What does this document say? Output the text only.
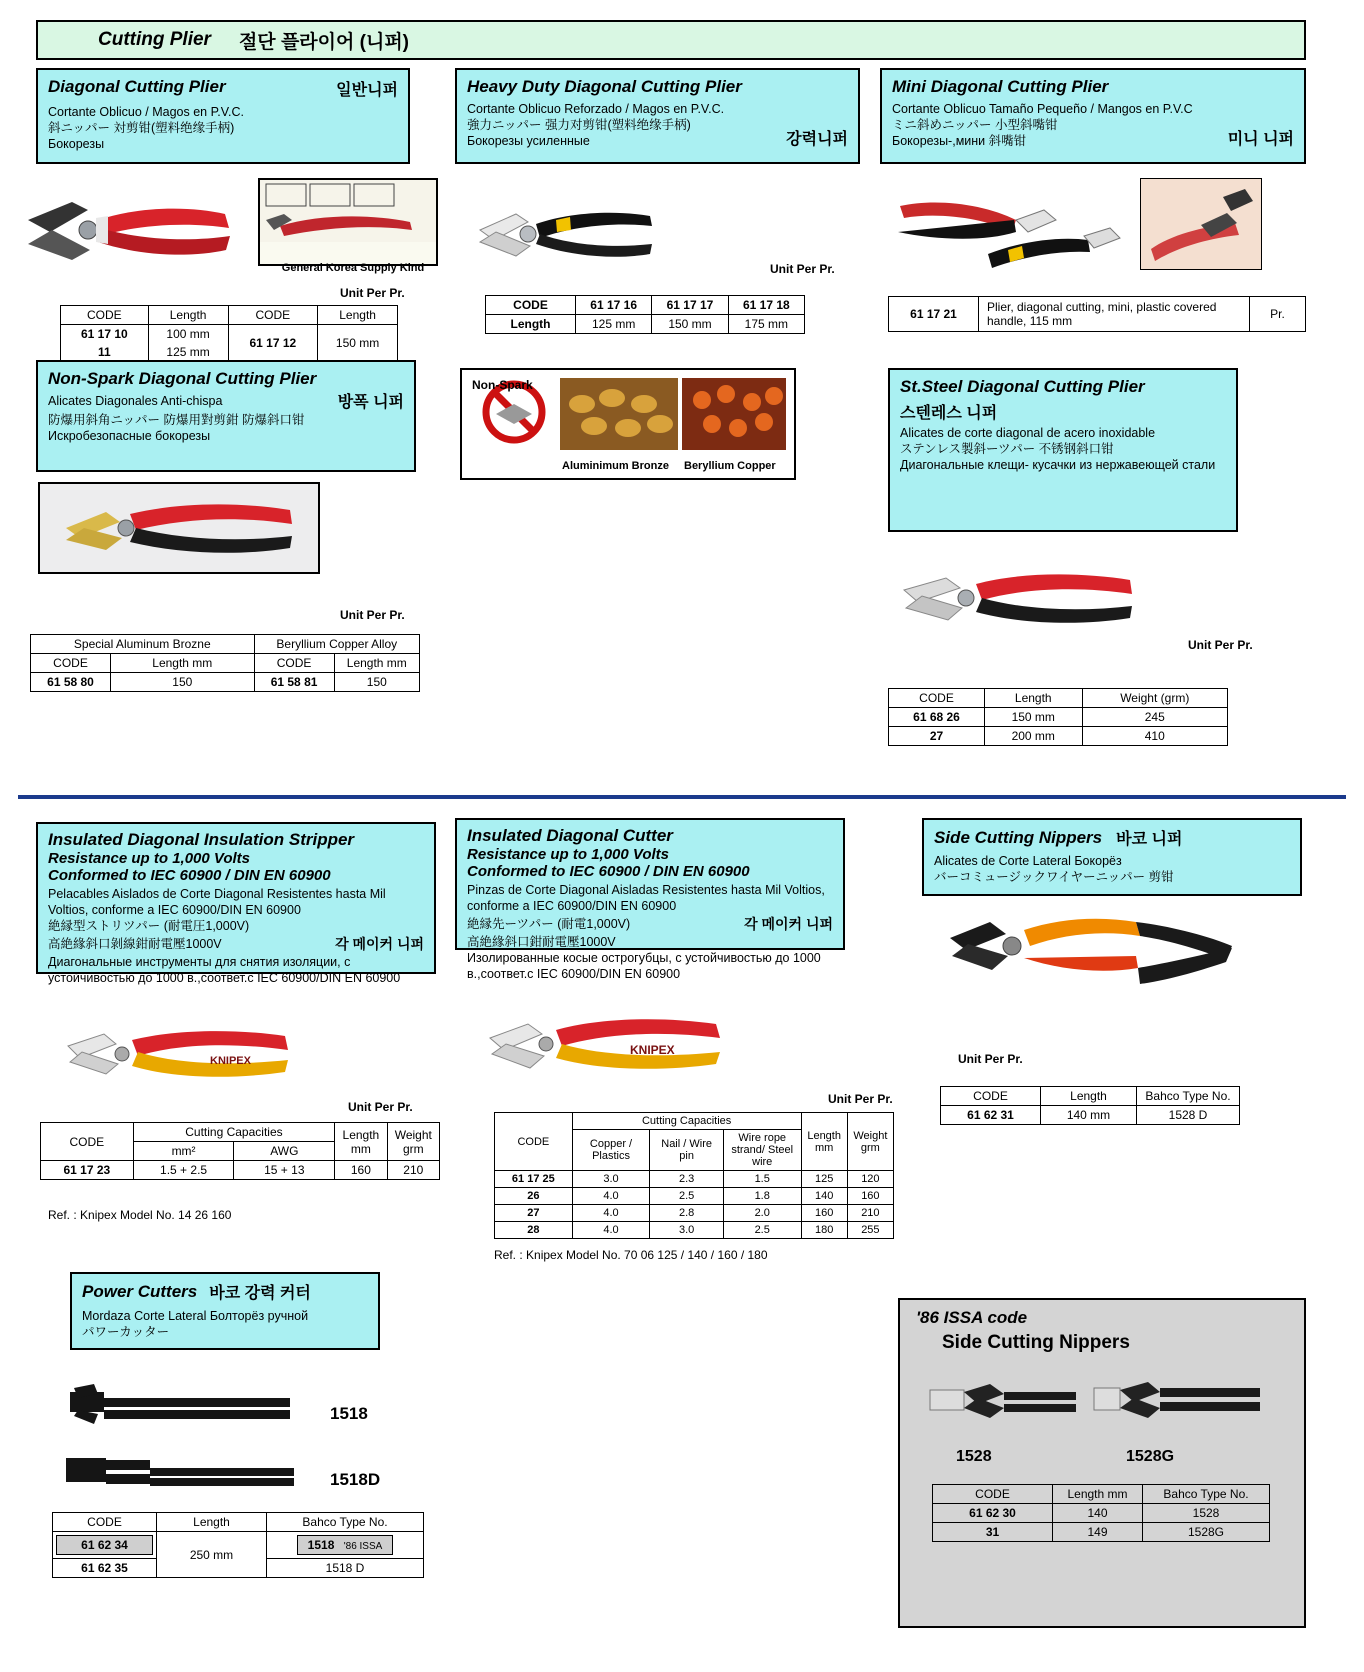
Cutting Plier 절단 플라이어 (니퍼)
Diagonal Cutting Plier	일반니퍼
Cortante Oblicuo / Magos en P.V.C.
斜ニッパー 対剪钳(塑料绝缘手柄)
Бокорезы
General Korea Supply Kind
Unit Per Pr.
CODE	Length	CODE	Length
61 17 10	100 mm	61 17 12	150 mm
11	125 mm		
Heavy Duty Diagonal Cutting Plier
Cortante Oblicuo Reforzado / Magos en P.V.C.
強力ニッパー 强力对剪钳(塑料绝缘手柄)
Бокорезы усиленные	강력니퍼
Unit Per Pr.
CODE	61 17 16	61 17 17	61 17 18
Length	125 mm	150 mm	175 mm
Mini Diagonal Cutting Plier
Cortante Oblicuo Tamaño Pequeño / Mangos en P.V.C
ミニ斜めニッパー 小型斜嘴钳
Бокорезы-,мини 斜嘴钳	미니 니퍼
61 17 21	Plier, diagonal cutting, mini, plastic covered handle, 115 mm	Pr.
Non-Spark Diagonal Cutting Plier
Alicates Diagonales Anti-chispa	방폭 니퍼
防爆用斜角ニッパー 防爆用對剪鉗 防爆斜口钳
Искробезопасные бокорезы
Non-Spark
Aluminimum Bronze Beryllium Copper
Unit Per Pr.
Special Aluminum Brozne		Beryllium Copper Alloy	
CODE	Length mm	CODE	Length mm
61 58 80	150	61 58 81	150
St.Steel Diagonal Cutting Plier
스텐레스 니퍼
Alicates de corte diagonal de acero inoxidable
ステンレス製斜ーツパー 不锈钢斜口钳
Диагональные клещи- кусачки из нержавеющей стали
Unit Per Pr.
CODE	Length	Weight (grm)
61 68 26	150 mm	245
27	200 mm	410
Insulated Diagonal Insulation Stripper
Resistance up to 1,000 Volts
Conformed to IEC 60900 / DIN EN 60900
Pelacables Aislados de Corte Diagonal Resistentes hasta Mil Voltios, conforme a IEC 60900/DIN EN 60900
絶縁型ストリツパー (耐電圧1,000V)
高絶緣斜口剝線鉗耐電壓1000V	각 메이커 니퍼
Диагональные инструменты для снятия изоляции, с устойчивостью до 1000 в.,соответ.с IEC 60900/DIN EN 60900
KNIPEX
Unit Per Pr.
CODE	Cutting Capacities		Length mm	Weight grm
	mm²	AWG		
61 17 23	1.5 + 2.5	15 + 13	160	210
Ref. : Knipex Model No. 14 26 160
Insulated Diagonal Cutter
Resistance up to 1,000 Volts
Conformed to IEC 60900 / DIN EN 60900
Pinzas de Corte Diagonal Aisladas Resistentes hasta Mil Voltios, conforme a IEC 60900/DIN EN 60900
絶縁先ーツパー (耐電1,000V)	각 메이커 니퍼
高絶緣斜口鉗耐電壓1000V
Изолированные косые острогубцы, с устойчивостью до 1000 в.,соответ.с IEC 60900/DIN EN 60900
KNIPEX
Unit Per Pr.
CODE	Cutting Capacities			Length mm	Weight grm
	Copper / Plastics	Nail / Wire pin	Wire rope strand/ Steel wire		
61 17 25	3.0	2.3	1.5	125	120
26	4.0	2.5	1.8	140	160
27	4.0	2.8	2.0	160	210
28	4.0	3.0	2.5	180	255
Ref. : Knipex Model No. 70 06 125 / 140 / 160 / 180
Side Cutting Nippers 바코 니퍼
Alicates de Corte Lateral Бокорёз
バーコミュージックワイヤーニッパー 剪钳
Unit Per Pr.
CODE	Length	Bahco Type No.
61 62 31	140 mm	1528 D
Power Cutters 바코 강력 커터
Mordaza Corte Lateral Болторёз ручной
パワーカッター
1518
1518D
CODE	Length	Bahco Type No.

61 62 34	250 mm	1518 '86 ISSA
61 62 35		1518 D
'86 ISSA code
Side Cutting Nippers
1528	1528G
CODE	Length mm	Bahco Type No.
61 62 30	140	1528
31	149	1528G
